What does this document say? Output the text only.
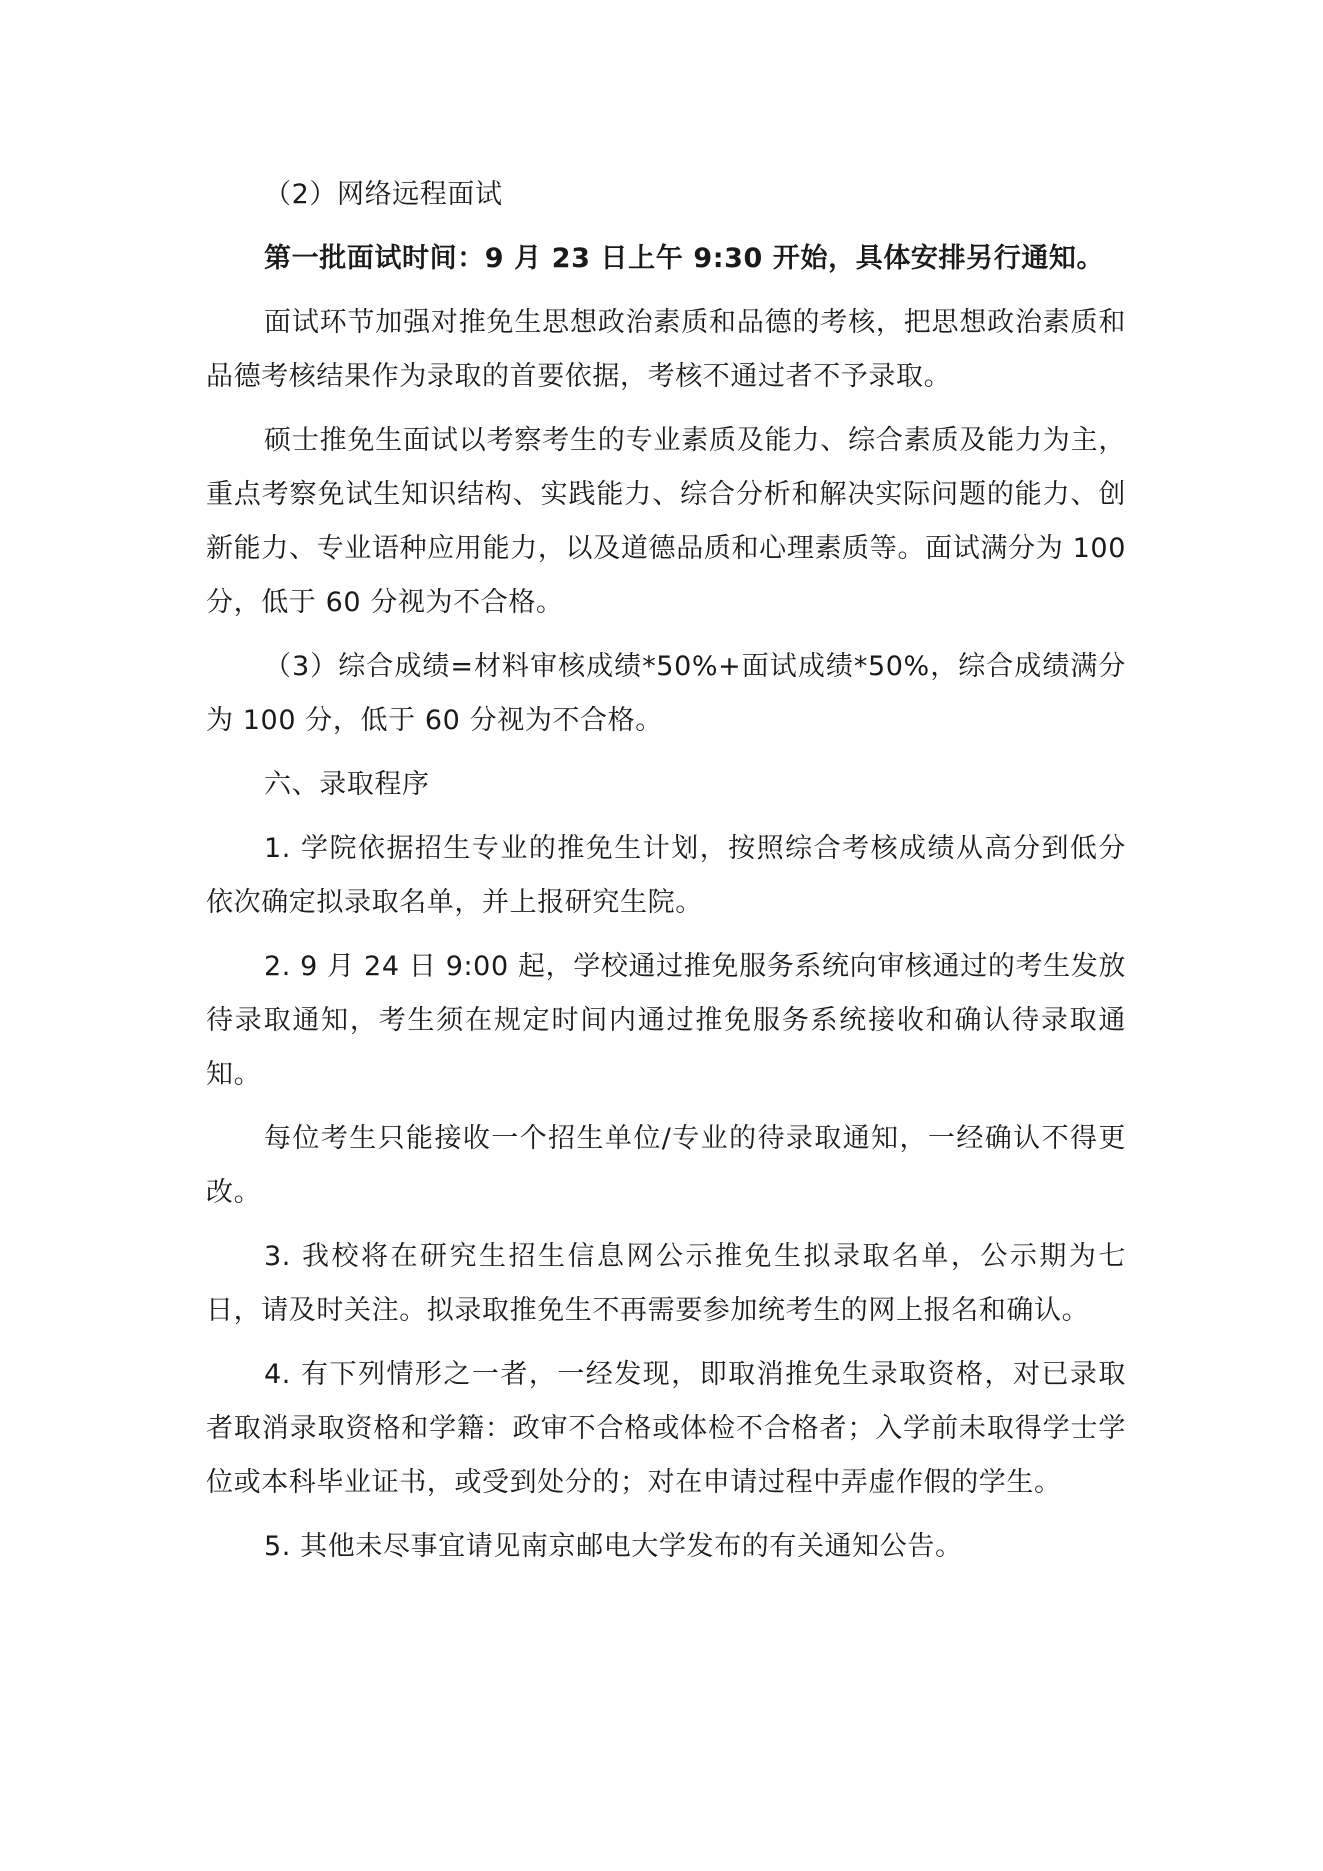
（2）网络远程面试

第一批面试时间：9 月 23 日上午 9:30 开始，具体安排另行通知。

面试环节加强对推免生思想政治素质和品德的考核，把思想政治素质和品德考核结果作为录取的首要依据，考核不通过者不予录取。

硕士推免生面试以考察考生的专业素质及能力、综合素质及能力为主，重点考察免试生知识结构、实践能力、综合分析和解决实际问题的能力、创新能力、专业语种应用能力，以及道德品质和心理素质等。面试满分为 100 分，低于 60 分视为不合格。

（3）综合成绩=材料审核成绩*50%+面试成绩*50%，综合成绩满分为 100 分，低于 60 分视为不合格。

六、录取程序

1. 学院依据招生专业的推免生计划，按照综合考核成绩从高分到低分依次确定拟录取名单，并上报研究生院。

2. 9 月 24 日 9:00 起，学校通过推免服务系统向审核通过的考生发放待录取通知，考生须在规定时间内通过推免服务系统接收和确认待录取通知。

每位考生只能接收一个招生单位/专业的待录取通知，一经确认不得更改。

3. 我校将在研究生招生信息网公示推免生拟录取名单，公示期为七日，请及时关注。拟录取推免生不再需要参加统考生的网上报名和确认。

4. 有下列情形之一者，一经发现，即取消推免生录取资格，对已录取者取消录取资格和学籍：政审不合格或体检不合格者；入学前未取得学士学位或本科毕业证书，或受到处分的；对在申请过程中弄虚作假的学生。

5. 其他未尽事宜请见南京邮电大学发布的有关通知公告。
